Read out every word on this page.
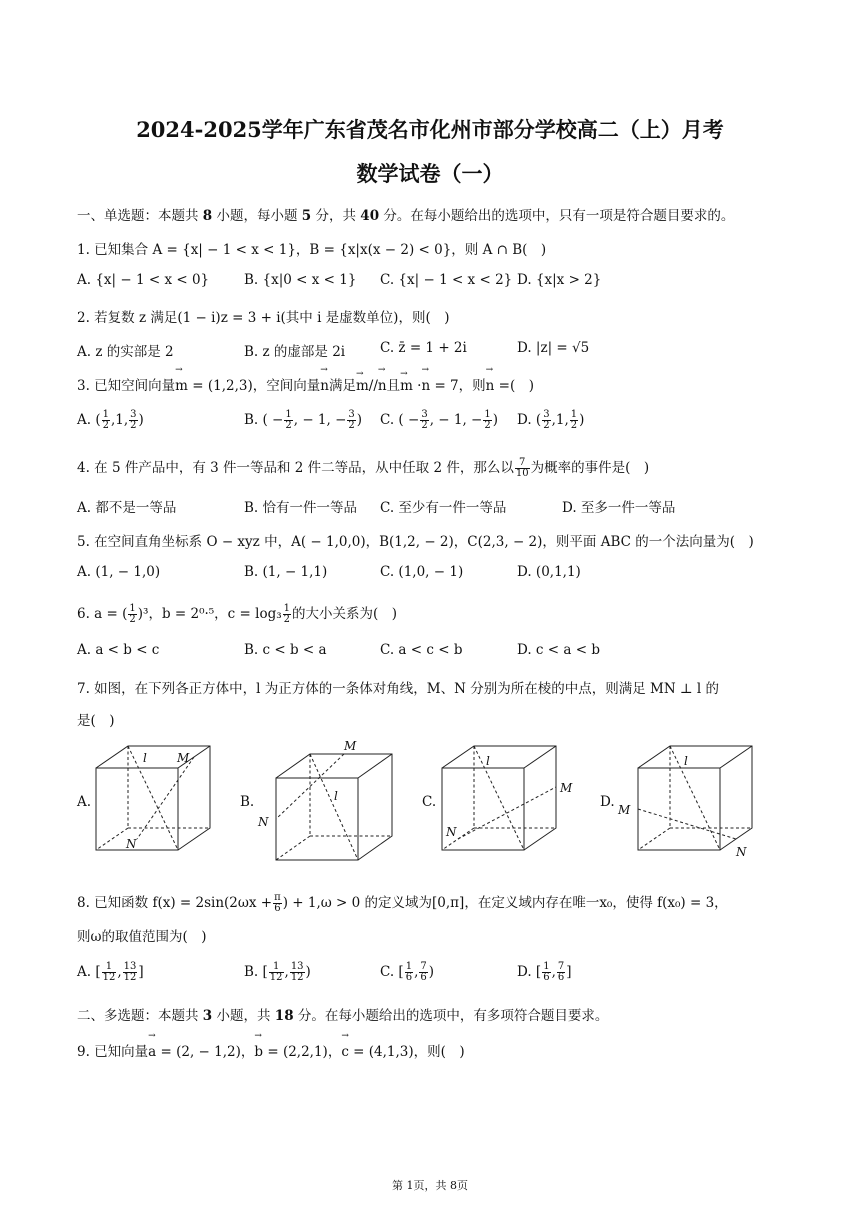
2024-2025学年广东省茂名市化州市部分学校高二（上）月考
数学试卷（一）
一、单选题：本题共 8 小题，每小题 5 分，共 40 分。在每小题给出的选项中，只有一项是符合题目要求的。
1. 已知集合 A = {x| − 1 < x < 1}，B = {x|x(x − 2) < 0}，则 A ∩ B(　)
A. {x| − 1 < x < 0}	B. {x|0 < x < 1} C. {x| − 1 < x < 2} D. {x|x > 2}
2. 若复数 z 满足(1 − i)z = 3 + i(其中 i 是虚数单位)，则(　)
A. z 的实部是 2	B. z 的虚部是 2i	C. z̄ = 1 + 2i	D. |z| = √5
3. 已知空间向量→ m = (1,2,3)，空间向量→ n满足→ m//→ n且→ m ·→ n = 7，则→ n =(　)
A. ( $\frac{1}{2} ,1$, $\frac{3}{2}$ )	B. ( − $\frac{1}{2}$ , − 1, − $\frac{3}{2}$ ) C. ( − $\frac{3}{2}$ , − 1, − $\frac{1}{2}$ ) D. ( $\frac{3}{2} ,1$, $\frac{1}{2}$ )
4. 在 5 件产品中，有 3 件一等品和 2 件二等品，从中任取 2 件，那么以 $\frac{7}{10}$ 为概率的事件是(　)
A. 都不是一等品	B. 恰有一件一等品 C. 至少有一件一等品	D. 至多一件一等品
5. 在空间直角坐标系 O − xyz 中，A( − 1,0,0)，B(1,2, − 2)，C(2,3, − 2)，则平面 ABC 的一个法向量为(　)
A. (1, − 1,0)	B. (1, − 1,1)	C. (1,0, − 1)	D. (0,1,1)
6. a = ( $\frac{1}{2} )^3$，b = 2⁰·⁵，$c = \log_3 \frac{1}{2}$ 的大小关系为(　)
A. a < b < c	B. c < b < a	C. a < c < b	D. c < a < b
7. 如图，在下列各正方体中，l 为正方体的一条体对角线，M、N 分别为所在棱的中点，则满足 MN ⊥ l 的
是(　)
A.
l	M
N
B.
M
l
N
C.
l
M
N
D.
l
M
N
8. 已知函数 $f(x) = 2\sin(2\omega x + \frac{\pi}{6}$ ) + 1,ω > 0 的定义域为[0,π]，在定义域内存在唯一x₀，使得 f(x₀) = 3，
则ω的取值范围为(　)
A. [ $\frac{1}{12}$ , $\frac{13}{12}$ ]	B. [ $\frac{1}{12}$ , $\frac{13}{12}$ )	C. [ $\frac{1}{6}$ , $\frac{7}{6}$ )	D. [ $\frac{1}{6}$ , $\frac{7}{6}$ ]
二、多选题：本题共 3 小题，共 18 分。在每小题给出的选项中，有多项符合题目要求。
9. 已知向量→ a = (2, − 1,2)，→ b = (2,2,1)，→ c = (4,1,3)，则(　)
第 1页，共 8页
